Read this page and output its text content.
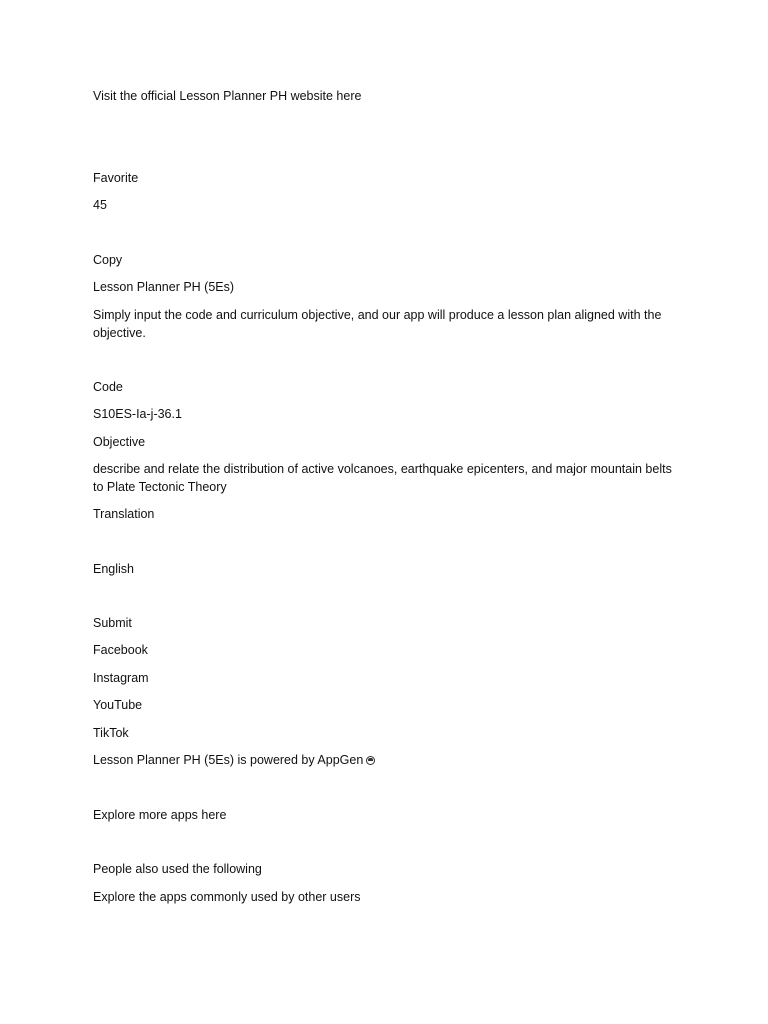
Visit the official Lesson Planner PH website here
Favorite
45
Copy
Lesson Planner PH (5Es)
Simply input the code and curriculum objective, and our app will produce a lesson plan aligned with the objective.
Code
S10ES-Ia-j-36.1
Objective
describe and relate the distribution of active volcanoes, earthquake epicenters, and major mountain belts to Plate Tectonic Theory
Translation
English
Submit
Facebook
Instagram
YouTube
TikTok
Lesson Planner PH (5Es) is powered by AppGen
Explore more apps here
People also used the following
Explore the apps commonly used by other users
